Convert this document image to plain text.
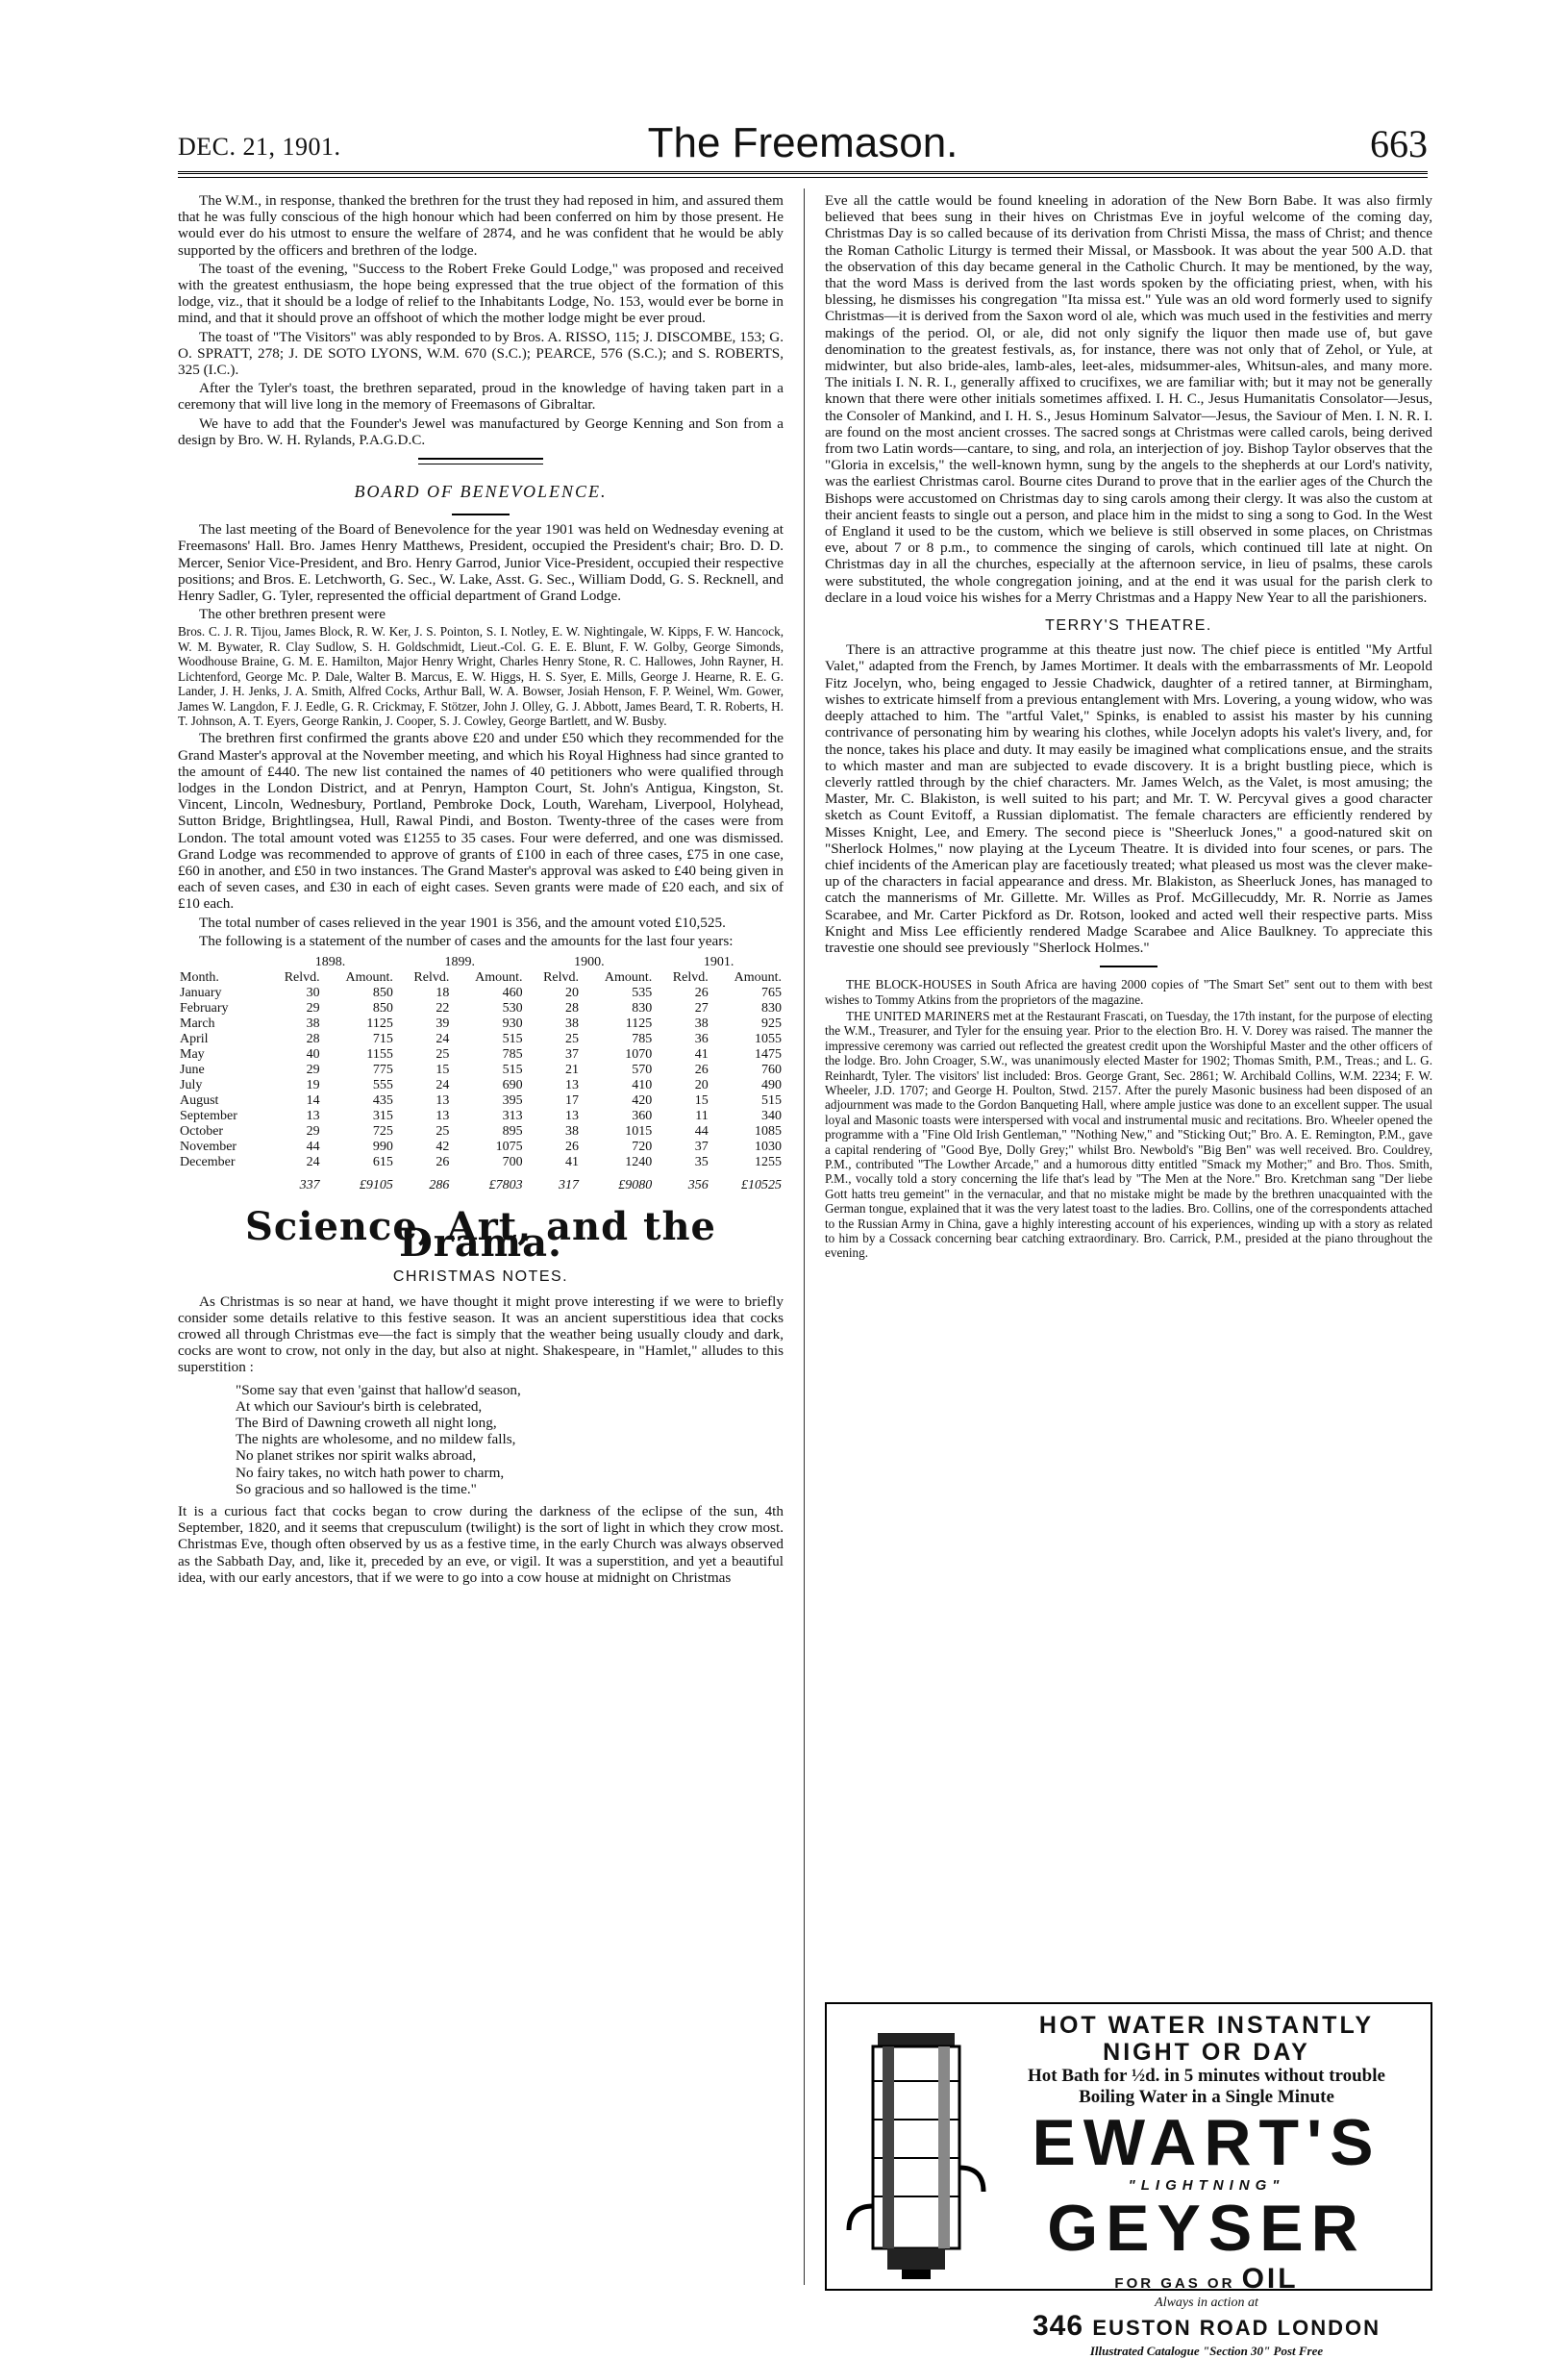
DEC. 21, 1901.	The Freemason.	663

The W.M., in response, thanked the brethren for the trust they had reposed in him, and assured them that he was fully conscious of the high honour which had been conferred on him by those present. He would ever do his utmost to ensure the welfare of 2874, and he was confident that he would be ably supported by the officers and brethren of the lodge.

The toast of the evening, "Success to the Robert Freke Gould Lodge," was proposed and received with the greatest enthusiasm, the hope being expressed that the true object of the formation of this lodge, viz., that it should be a lodge of relief to the Inhabitants Lodge, No. 153, would ever be borne in mind, and that it should prove an offshoot of which the mother lodge might be ever proud.

The toast of "The Visitors" was ably responded to by Bros. A. RISSO, 115; J. DISCOMBE, 153; G. O. SPRATT, 278; J. DE SOTO LYONS, W.M. 670 (S.C.); PEARCE, 576 (S.C.); and S. ROBERTS, 325 (I.C.).

After the Tyler's toast, the brethren separated, proud in the knowledge of having taken part in a ceremony that will live long in the memory of Freemasons of Gibraltar.

We have to add that the Founder's Jewel was manufactured by George Kenning and Son from a design by Bro. W. H. Rylands, P.A.G.D.C.

BOARD OF BENEVOLENCE.

The last meeting of the Board of Benevolence for the year 1901 was held on Wednesday evening at Freemasons' Hall. Bro. James Henry Matthews, President, occupied the President's chair; Bro. D. D. Mercer, Senior Vice-President, and Bro. Henry Garrod, Junior Vice-President, occupied their respective positions; and Bros. E. Letchworth, G. Sec., W. Lake, Asst. G. Sec., William Dodd, G. S. Recknell, and Henry Sadler, G. Tyler, represented the official department of Grand Lodge.

The other brethren present were

Bros. C. J. R. Tijou, James Block, R. W. Ker, J. S. Pointon, S. I. Notley, E. W. Nightingale, W. Kipps, F. W. Hancock, W. M. Bywater, R. Clay Sudlow, S. H. Goldschmidt, Lieut.-Col. G. E. E. Blunt, F. W. Golby, George Simonds, Woodhouse Braine, G. M. E. Hamilton, Major Henry Wright, Charles Henry Stone, R. C. Hallowes, John Rayner, H. Lichtenford, George Mc. P. Dale, Walter B. Marcus, E. W. Higgs, H. S. Syer, E. Mills, George J. Hearne, R. E. G. Lander, J. H. Jenks, J. A. Smith, Alfred Cocks, Arthur Ball, W. A. Bowser, Josiah Henson, F. P. Weinel, Wm. Gower, James W. Langdon, F. J. Eedle, G. R. Crickmay, F. Stötzer, John J. Olley, G. J. Abbott, James Beard, T. R. Roberts, H. T. Johnson, A. T. Eyers, George Rankin, J. Cooper, S. J. Cowley, George Bartlett, and W. Busby.

The brethren first confirmed the grants above £20 and under £50 which they recommended for the Grand Master's approval at the November meeting, and which his Royal Highness had since granted to the amount of £440. The new list contained the names of 40 petitioners who were qualified through lodges in the London District, and at Penryn, Hampton Court, St. John's Antigua, Kingston, St. Vincent, Lincoln, Wednesbury, Portland, Pembroke Dock, Louth, Wareham, Liverpool, Holyhead, Sutton Bridge, Brightlingsea, Hull, Rawal Pindi, and Boston. Twenty-three of the cases were from London. The total amount voted was £1255 to 35 cases. Four were deferred, and one was dismissed. Grand Lodge was recommended to approve of grants of £100 in each of three cases, £75 in one case, £60 in another, and £50 in two instances. The Grand Master's approval was asked to £40 being given in each of seven cases, and £30 in each of eight cases. Seven grants were made of £20 each, and six of £10 each.

The total number of cases relieved in the year 1901 is 356, and the amount voted £10,525.

The following is a statement of the number of cases and the amounts for the last four years:

	1898.		1899.		1900.		1901.	
Month.	Relvd.	Amount.	Relvd.	Amount.	Relvd.	Amount.	Relvd.	Amount.
January	30	850	18	460	20	535	26	765
February	29	850	22	530	28	830	27	830
March	38	1125	39	930	38	1125	38	925
April	28	715	24	515	25	785	36	1055
May	40	1155	25	785	37	1070	41	1475
June	29	775	15	515	21	570	26	760
July	19	555	24	690	13	410	20	490
August	14	435	13	395	17	420	15	515
September	13	315	13	313	13	360	11	340
October	29	725	25	895	38	1015	44	1085
November	44	990	42	1075	26	720	37	1030
December	24	615	26	700	41	1240	35	1255
	337	£9105	286	£7803	317	£9080	356	£10525
Science, Art, and the Drama.
CHRISTMAS NOTES.

As Christmas is so near at hand, we have thought it might prove interesting if we were to briefly consider some details relative to this festive season. It was an ancient superstitious idea that cocks crowed all through Christmas eve—the fact is simply that the weather being usually cloudy and dark, cocks are wont to crow, not only in the day, but also at night. Shakespeare, in "Hamlet," alludes to this superstition :

"Some say that even 'gainst that hallow'd season,
At which our Saviour's birth is celebrated,
The Bird of Dawning croweth all night long,
The nights are wholesome, and no mildew falls,
No planet strikes nor spirit walks abroad,
No fairy takes, no witch hath power to charm,
So gracious and so hallowed is the time."

It is a curious fact that cocks began to crow during the darkness of the eclipse of the sun, 4th September, 1820, and it seems that crepusculum (twilight) is the sort of light in which they crow most. Christmas Eve, though often observed by us as a festive time, in the early Church was always observed as the Sabbath Day, and, like it, preceded by an eve, or vigil. It was a superstition, and yet a beautiful idea, with our early ancestors, that if we were to go into a cow house at midnight on Christmas

Eve all the cattle would be found kneeling in adoration of the New Born Babe. It was also firmly believed that bees sung in their hives on Christmas Eve in joyful welcome of the coming day, Christmas Day is so called because of its derivation from Christi Missa, the mass of Christ; and thence the Roman Catholic Liturgy is termed their Missal, or Massbook. It was about the year 500 A.D. that the observation of this day became general in the Catholic Church. It may be mentioned, by the way, that the word Mass is derived from the last words spoken by the officiating priest, when, with his blessing, he dismisses his congregation "Ita missa est." Yule was an old word formerly used to signify Christmas—it is derived from the Saxon word ol ale, which was much used in the festivities and merry makings of the period. Ol, or ale, did not only signify the liquor then made use of, but gave denomination to the greatest festivals, as, for instance, there was not only that of Zehol, or Yule, at midwinter, but also bride-ales, lamb-ales, leet-ales, midsummer-ales, Whitsun-ales, and many more. The initials I. N. R. I., generally affixed to crucifixes, we are familiar with; but it may not be generally known that there were other initials sometimes affixed. I. H. C., Jesus Humanitatis Consolator—Jesus, the Consoler of Mankind, and I. H. S., Jesus Hominum Salvator—Jesus, the Saviour of Men. I. N. R. I. are found on the most ancient crosses. The sacred songs at Christmas were called carols, being derived from two Latin words—cantare, to sing, and rola, an interjection of joy. Bishop Taylor observes that the "Gloria in excelsis," the well-known hymn, sung by the angels to the shepherds at our Lord's nativity, was the earliest Christmas carol. Bourne cites Durand to prove that in the earlier ages of the Church the Bishops were accustomed on Christmas day to sing carols among their clergy. It was also the custom at their ancient feasts to single out a person, and place him in the midst to sing a song to God. In the West of England it used to be the custom, which we believe is still observed in some places, on Christmas eve, about 7 or 8 p.m., to commence the singing of carols, which continued till late at night. On Christmas day in all the churches, especially at the afternoon service, in lieu of psalms, these carols were substituted, the whole congregation joining, and at the end it was usual for the parish clerk to declare in a loud voice his wishes for a Merry Christmas and a Happy New Year to all the parishioners.

TERRY'S THEATRE.

There is an attractive programme at this theatre just now. The chief piece is entitled "My Artful Valet," adapted from the French, by James Mortimer. It deals with the embarrassments of Mr. Leopold Fitz Jocelyn, who, being engaged to Jessie Chadwick, daughter of a retired tanner, at Birmingham, wishes to extricate himself from a previous entanglement with Mrs. Lovering, a young widow, who was deeply attached to him. The "artful Valet," Spinks, is enabled to assist his master by his cunning contrivance of personating him by wearing his clothes, while Jocelyn adopts his valet's livery, and, for the nonce, takes his place and duty. It may easily be imagined what complications ensue, and the straits to which master and man are subjected to evade discovery. It is a bright bustling piece, which is cleverly rattled through by the chief characters. Mr. James Welch, as the Valet, is most amusing; the Master, Mr. C. Blakiston, is well suited to his part; and Mr. T. W. Percyval gives a good character sketch as Count Evitoff, a Russian diplomatist. The female characters are efficiently rendered by Misses Knight, Lee, and Emery. The second piece is "Sheerluck Jones," a good-natured skit on "Sherlock Holmes," now playing at the Lyceum Theatre. It is divided into four scenes, or pars. The chief incidents of the American play are facetiously treated; what pleased us most was the clever make-up of the characters in facial appearance and dress. Mr. Blakiston, as Sheerluck Jones, has managed to catch the mannerisms of Mr. Gillette. Mr. Willes as Prof. McGillecuddy, Mr. R. Norrie as James Scarabee, and Mr. Carter Pickford as Dr. Rotson, looked and acted well their respective parts. Miss Knight and Miss Lee efficiently rendered Madge Scarabee and Alice Baulkney. To appreciate this travestie one should see previously "Sherlock Holmes."

THE BLOCK-HOUSES in South Africa are having 2000 copies of "The Smart Set" sent out to them with best wishes to Tommy Atkins from the proprietors of the magazine.

THE UNITED MARINERS met at the Restaurant Frascati, on Tuesday, the 17th instant, for the purpose of electing the W.M., Treasurer, and Tyler for the ensuing year. Prior to the election Bro. H. V. Dorey was raised. The manner the impressive ceremony was carried out reflected the greatest credit upon the Worshipful Master and the other officers of the lodge. Bro. John Croager, S.W., was unanimously elected Master for 1902; Thomas Smith, P.M., Treas.; and L. G. Reinhardt, Tyler. The visitors' list included: Bros. George Grant, Sec. 2861; W. Archibald Collins, W.M. 2234; F. W. Wheeler, J.D. 1707; and George H. Poulton, Stwd. 2157. After the purely Masonic business had been disposed of an adjournment was made to the Gordon Banqueting Hall, where ample justice was done to an excellent supper. The usual loyal and Masonic toasts were interspersed with vocal and instrumental music and recitations. Bro. Wheeler opened the programme with a "Fine Old Irish Gentleman," "Nothing New," and "Sticking Out;" Bro. A. E. Remington, P.M., gave a capital rendering of "Good Bye, Dolly Grey;" whilst Bro. Newbold's "Big Ben" was well received. Bro. Couldrey, P.M., contributed "The Lowther Arcade," and a humorous ditty entitled "Smack my Mother;" and Bro. Thos. Smith, P.M., vocally told a story concerning the life that's lead by "The Men at the Nore." Bro. Kretchman sang "Der liebe Gott hatts treu gemeint" in the vernacular, and that no mistake might be made by the brethren unacquainted with the German tongue, explained that it was the very latest toast to the ladies. Bro. Collins, one of the correspondents attached to the Russian Army in China, gave a highly interesting account of his experiences, winding up with a story as related to him by a Cossack concerning bear catching extraordinary. Bro. Carrick, P.M., presided at the piano throughout the evening.

HOT WATER INSTANTLY
NIGHT OR DAY
Hot Bath for ½d. in 5 minutes without trouble
Boiling Water in a Single Minute
EWART'S
"LIGHTNING"
GEYSER
FOR GAS OR OIL
Always in action at
346 EUSTON ROAD LONDON
Illustrated Catalogue "Section 30" Post Free
